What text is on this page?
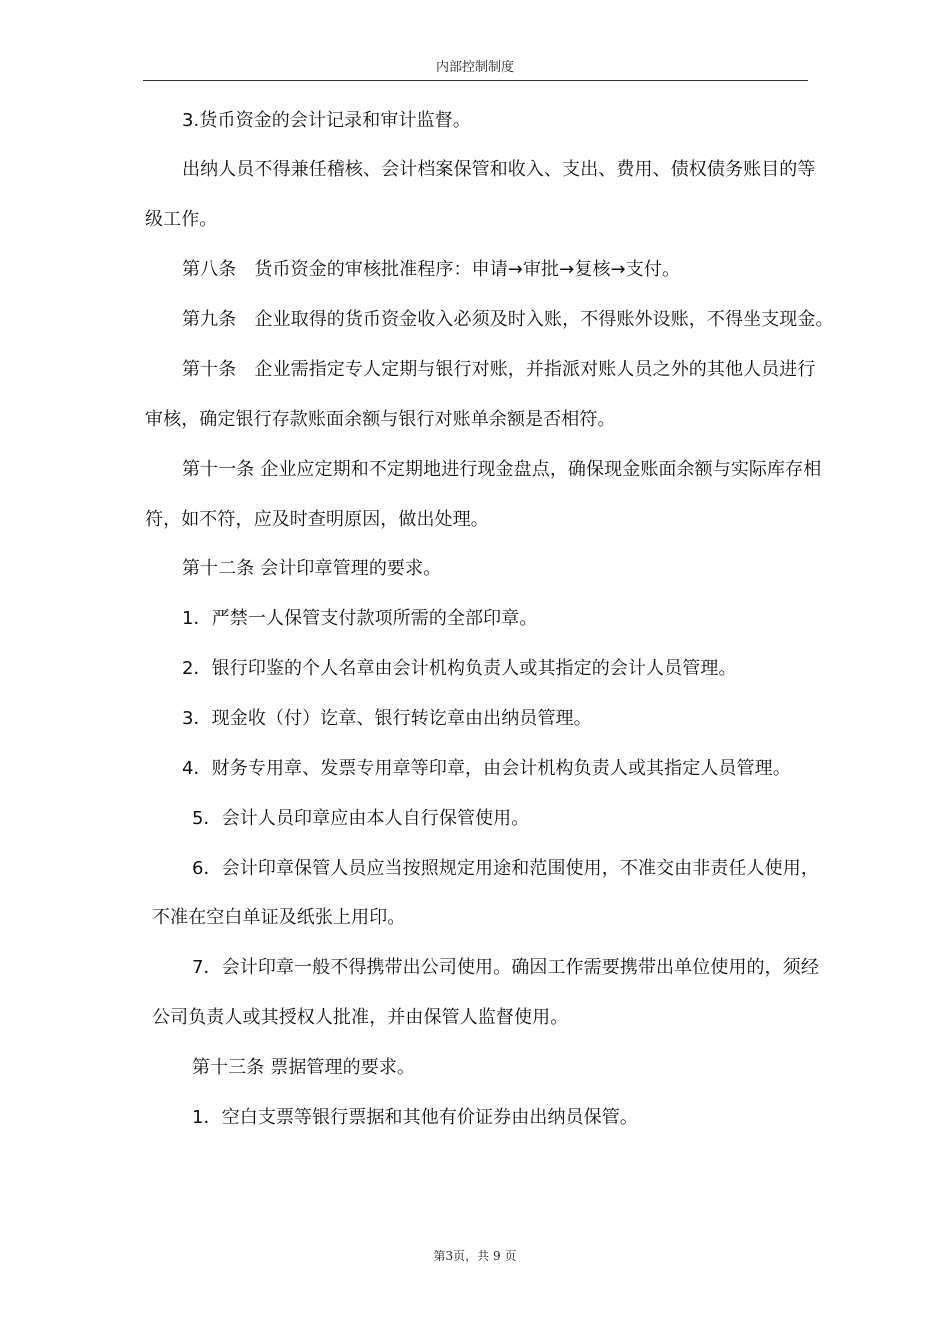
内部控制制度
3.货币资金的会计记录和审计监督。
出纳人员不得兼任稽核、会计档案保管和收入、支出、费用、债权债务账目的等
级工作。
第八条　货币资金的审核批准程序：申请→审批→复核→支付。
第九条　企业取得的货币资金收入必须及时入账，不得账外设账，不得坐支现金。
第十条　企业需指定专人定期与银行对账，并指派对账人员之外的其他人员进行
审核，确定银行存款账面余额与银行对账单余额是否相符。
第十一条 企业应定期和不定期地进行现金盘点，确保现金账面余额与实际库存相
符，如不符，应及时查明原因，做出处理。
第十二条 会计印章管理的要求。
1．严禁一人保管支付款项所需的全部印章。
2．银行印鉴的个人名章由会计机构负责人或其指定的会计人员管理。
3．现金收（付）讫章、银行转讫章由出纳员管理。
4．财务专用章、发票专用章等印章，由会计机构负责人或其指定人员管理。
5．会计人员印章应由本人自行保管使用。
6．会计印章保管人员应当按照规定用途和范围使用，不准交由非责任人使用，
不准在空白单证及纸张上用印。
7．会计印章一般不得携带出公司使用。确因工作需要携带出单位使用的，须经
公司负责人或其授权人批准，并由保管人监督使用。
第十三条 票据管理的要求。
1．空白支票等银行票据和其他有价证券由出纳员保管。
第3页，共 9 页
